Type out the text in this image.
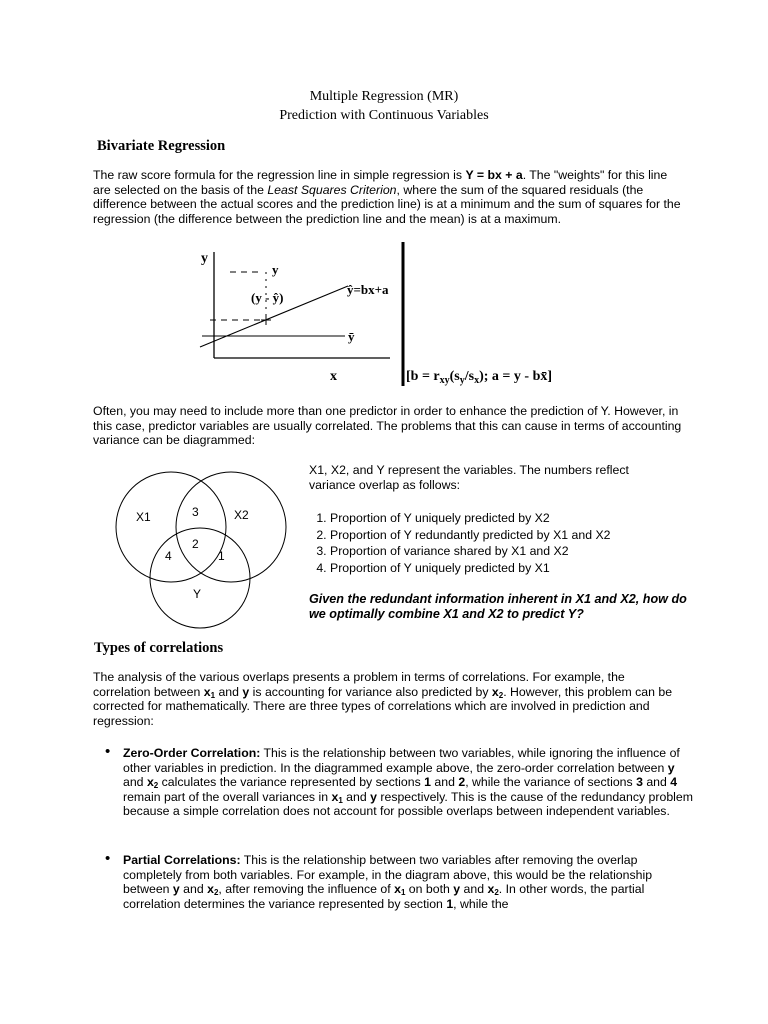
Multiple Regression (MR)
Prediction with Continuous Variables
Bivariate Regression
The raw score formula for the regression line in simple regression is Y = bx + a. The "weights" for this line are selected on the basis of the Least Squares Criterion, where the sum of the squared residuals (the difference between the actual scores and the prediction line) is at a minimum and the sum of squares for the regression (the difference between the prediction line and the mean) is at a maximum.
y
x
y
(y - ŷ)
ŷ=bx+a
ȳ
[$b = r_{xy}(s_y/s_x)$; a = y - bx̄]
Often, you may need to include more than one predictor in order to enhance the prediction of Y. However, in this case, predictor variables are usually correlated. The problems that this can cause in terms of accounting variance can be diagrammed:
X1	X2
Y
3
2
4	1
X1, X2, and Y represent the variables. The numbers reflect variance overlap as follows:
1. Proportion of Y uniquely predicted by X2
2. Proportion of Y redundantly predicted by X1 and X2
3. Proportion of variance shared by X1 and X2
4. Proportion of Y uniquely predicted by X1
Given the redundant information inherent in X1 and X2, how do we optimally combine X1 and X2 to predict Y?
Types of correlations
The analysis of the various overlaps presents a problem in terms of correlations. For example, the correlation between $x_1$ and y is accounting for variance also predicted by $x_2$. However, this problem can be corrected for mathematically. There are three types of correlations which are involved in prediction and regression:
• Zero-Order Correlation: This is the relationship between two variables, while ignoring the influence of other variables in prediction. In the diagrammed example above, the zero-order correlation between y and $x_2$ calculates the variance represented by sections 1 and 2, while the variance of sections 3 and 4 remain part of the overall variances in $x_1$ and y respectively. This is the cause of the redundancy problem because a simple correlation does not account for possible overlaps between independent variables.
• Partial Correlations: This is the relationship between two variables after removing the overlap completely from both variables. For example, in the diagram above, this would be the relationship between y and $x_2$, after removing the influence of $x_1$ on both y and $x_2$. In other words, the partial correlation determines the variance represented by section 1, while the
